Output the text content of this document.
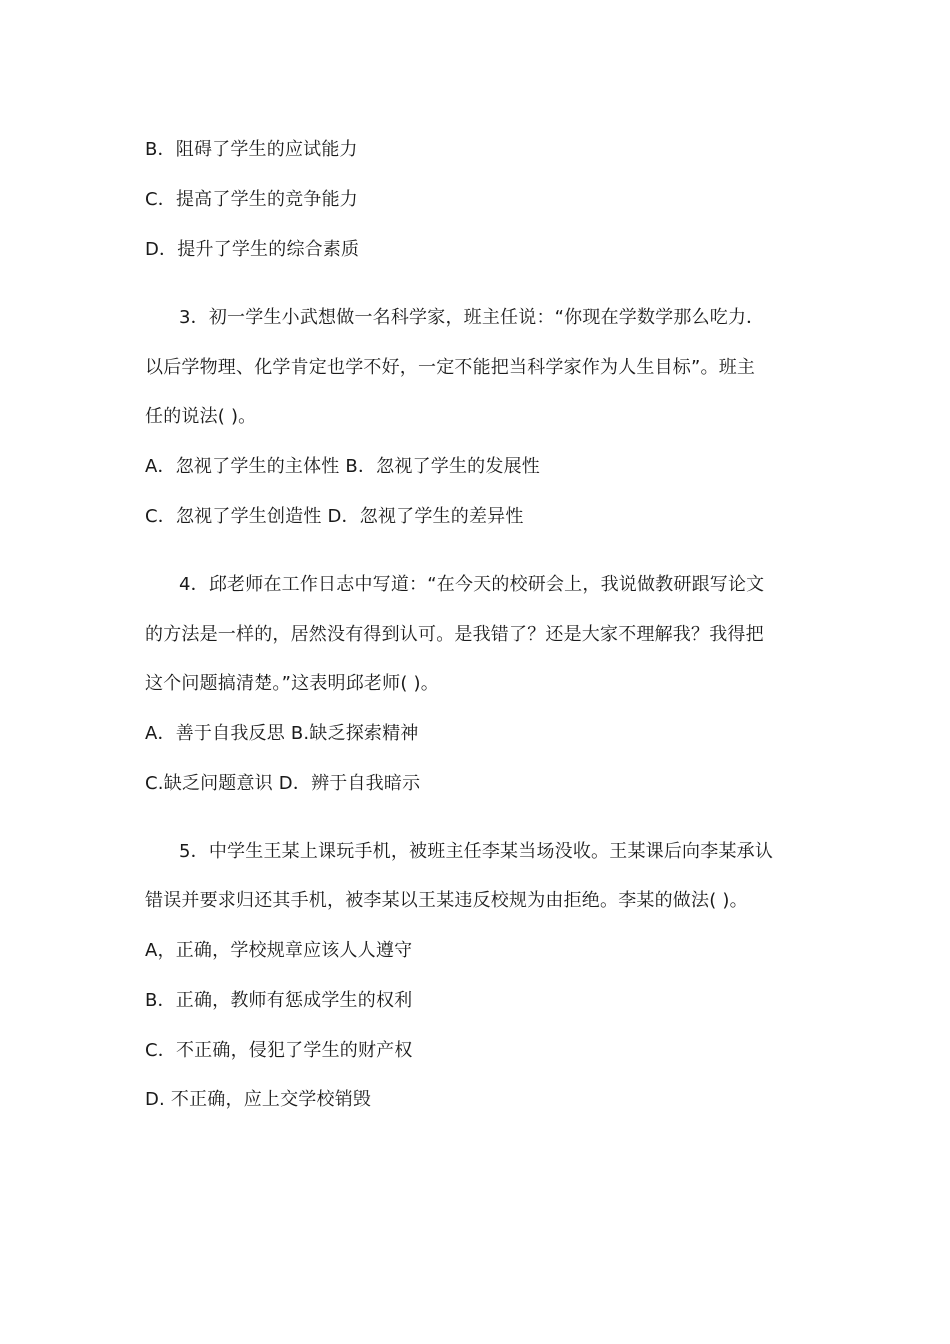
B．阻碍了学生的应试能力
C．提高了学生的竞争能力
D．提升了学生的综合素质
3．初一学生小武想做一名科学家，班主任说：“你现在学数学那么吃力．
以后学物理、化学肯定也学不好，一定不能把当科学家作为人生目标”。班主
任的说法( )。
A．忽视了学生的主体性 B．忽视了学生的发展性
C．忽视了学生创造性 D．忽视了学生的差异性
4．邱老师在工作日志中写道：“在今天的校研会上，我说做教研跟写论文
的方法是一样的，居然没有得到认可。是我错了？还是大家不理解我？我得把
这个问题搞清楚。”这表明邱老师( )。
A．善于自我反思 B.缺乏探索精神
C.缺乏问题意识 D．辨于自我暗示
5．中学生王某上课玩手机，被班主任李某当场没收。王某课后向李某承认
错误并要求归还其手机，被李某以王某违反校规为由拒绝。李某的做法( )。
A，正确，学校规章应该人人遵守
B．正确，教师有惩成学生的权利
C．不正确，侵犯了学生的财产权
D. 不正确，应上交学校销毁
